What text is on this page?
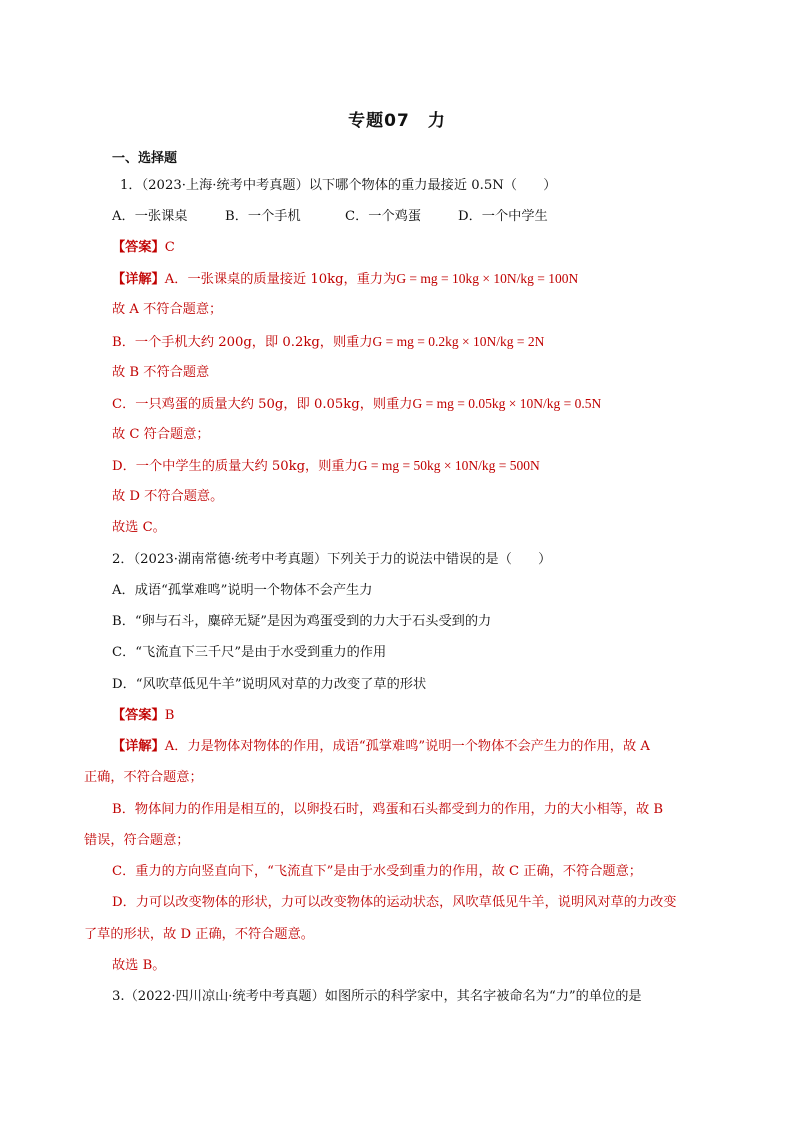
专题07 力
一、选择题
1．（2023·上海·统考中考真题）以下哪个物体的重力最接近 0.5N（　　）
A．一张课桌	B．一个手机	C．一个鸡蛋	D．一个中学生
【答案】C
【详解】A．一张课桌的质量接近 10kg，重力为G = mg = 10kg × 10N/kg = 100N
故 A 不符合题意；
B．一个手机大约 200g，即 0.2kg，则重力G = mg = 0.2kg × 10N/kg = 2N
故 B 不符合题意
C．一只鸡蛋的质量大约 50g，即 0.05kg，则重力G = mg = 0.05kg × 10N/kg = 0.5N
故 C 符合题意；
D．一个中学生的质量大约 50kg，则重力G = mg = 50kg × 10N/kg = 500N
故 D 不符合题意。
故选 C。
2．（2023·湖南常德·统考中考真题）下列关于力的说法中错误的是（　　）
A．成语“孤掌难鸣”说明一个物体不会产生力
B．“卵与石斗，麋碎无疑”是因为鸡蛋受到的力大于石头受到的力
C．“飞流直下三千尺”是由于水受到重力的作用
D．“风吹草低见牛羊”说明风对草的力改变了草的形状
【答案】B
【详解】A．力是物体对物体的作用，成语“孤掌难鸣”说明一个物体不会产生力的作用，故 A
正确，不符合题意；
B．物体间力的作用是相互的，以卵投石时，鸡蛋和石头都受到力的作用，力的大小相等，故 B
错误，符合题意；
C．重力的方向竖直向下，“飞流直下”是由于水受到重力的作用，故 C 正确，不符合题意；
D．力可以改变物体的形状，力可以改变物体的运动状态，风吹草低见牛羊，说明风对草的力改变
了草的形状，故 D 正确，不符合题意。
故选 B。
3.（2022·四川凉山·统考中考真题）如图所示的科学家中，其名字被命名为“力”的单位的是
